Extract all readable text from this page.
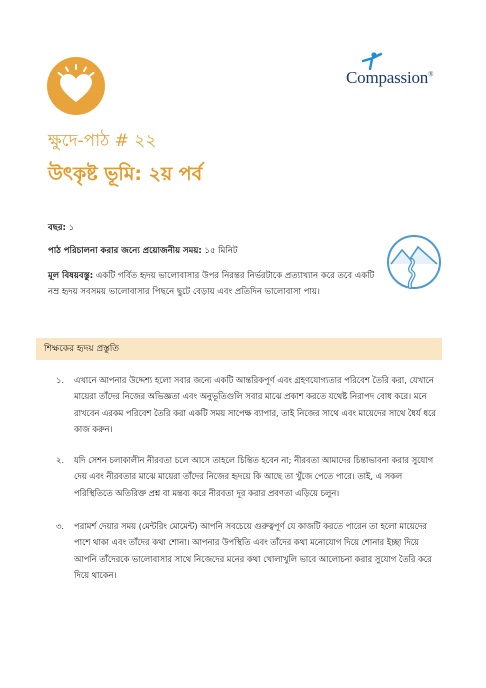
Compassion®
ক্ষুদে-পাঠ # ২২
উৎকৃষ্ট ভূমি: ২য় পর্ব
বছর: ১
পাঠ পরিচালনা করার জন্যে প্রয়োজনীয় সময়: ১৫ মিনিট
মূল বিষয়বস্তু: একটি গর্বিত হৃদয় ভালোবাসার উপর নিরন্তর নির্ভরটাকে প্রত্যাখ্যান করে তবে একটি নম্র হৃদয় সবসময় ভালোবাসার পিছনে ছুটে বেড়ায় এবং প্রতিদিন ভালোবাসা পায়।
শিক্ষকের হৃদয় প্রস্তুতি
১. এখানে আপনার উদ্দেশ্য হলো সবার জন্যে একটি আন্তরিকপূর্ণ এবং গ্রহণযোগ্যতার পরিবেশ তৈরি করা, যেখানে মায়েরা তাঁদের নিজের অভিজ্ঞতা এবং অনুভূতিগুলি সবার মাঝে প্রকাশ করতে যথেষ্ট নিরাপদ বোধ করে। মনে রাখবেন এরকম পরিবেশ তৈরি করা একটি সময় সাপেক্ষ ব্যাপার, তাই নিজের সাথে এবং মায়েদের সাথে ধৈর্য ধরে কাজ করুন।
২. যদি সেশন চলাকালীন নীরবতা চলে আসে তাহলে চিন্তিত হবেন না; নীরবতা আমাদের চিন্তাভাবনা করার সুযোগ দেয় এবং নীরবতার মাঝে মায়েরা তাঁদের নিজের হৃদয়ে কি আছে তা খুঁজে পেতে পারে। তাই, এ সকল পরিস্থিতিতে অতিরিক্ত প্রশ্ন বা মন্তব্য করে নীরবতা দূর করার প্রবণতা এড়িয়ে চলুন।
৩. পরামর্শ দেয়ার সময় (মেন্টরিং মোমেন্ট) আপনি সবচেয়ে গুরুত্বপূর্ণ যে কাজটি করতে পারেন তা হলো মায়েদের পাশে থাকা এবং তাঁদের কথা শোনা। আপনার উপস্থিতি এবং তাঁদের কথা মনোযোগ দিয়ে শোনার ইচ্ছা দিয়ে আপনি তাঁদেরকে ভালোবাসার সাথে নিজেদের মনের কথা খোলাখুলি ভাবে আলোচনা করার সুযোগ তৈরি করে দিয়ে থাকেন।
